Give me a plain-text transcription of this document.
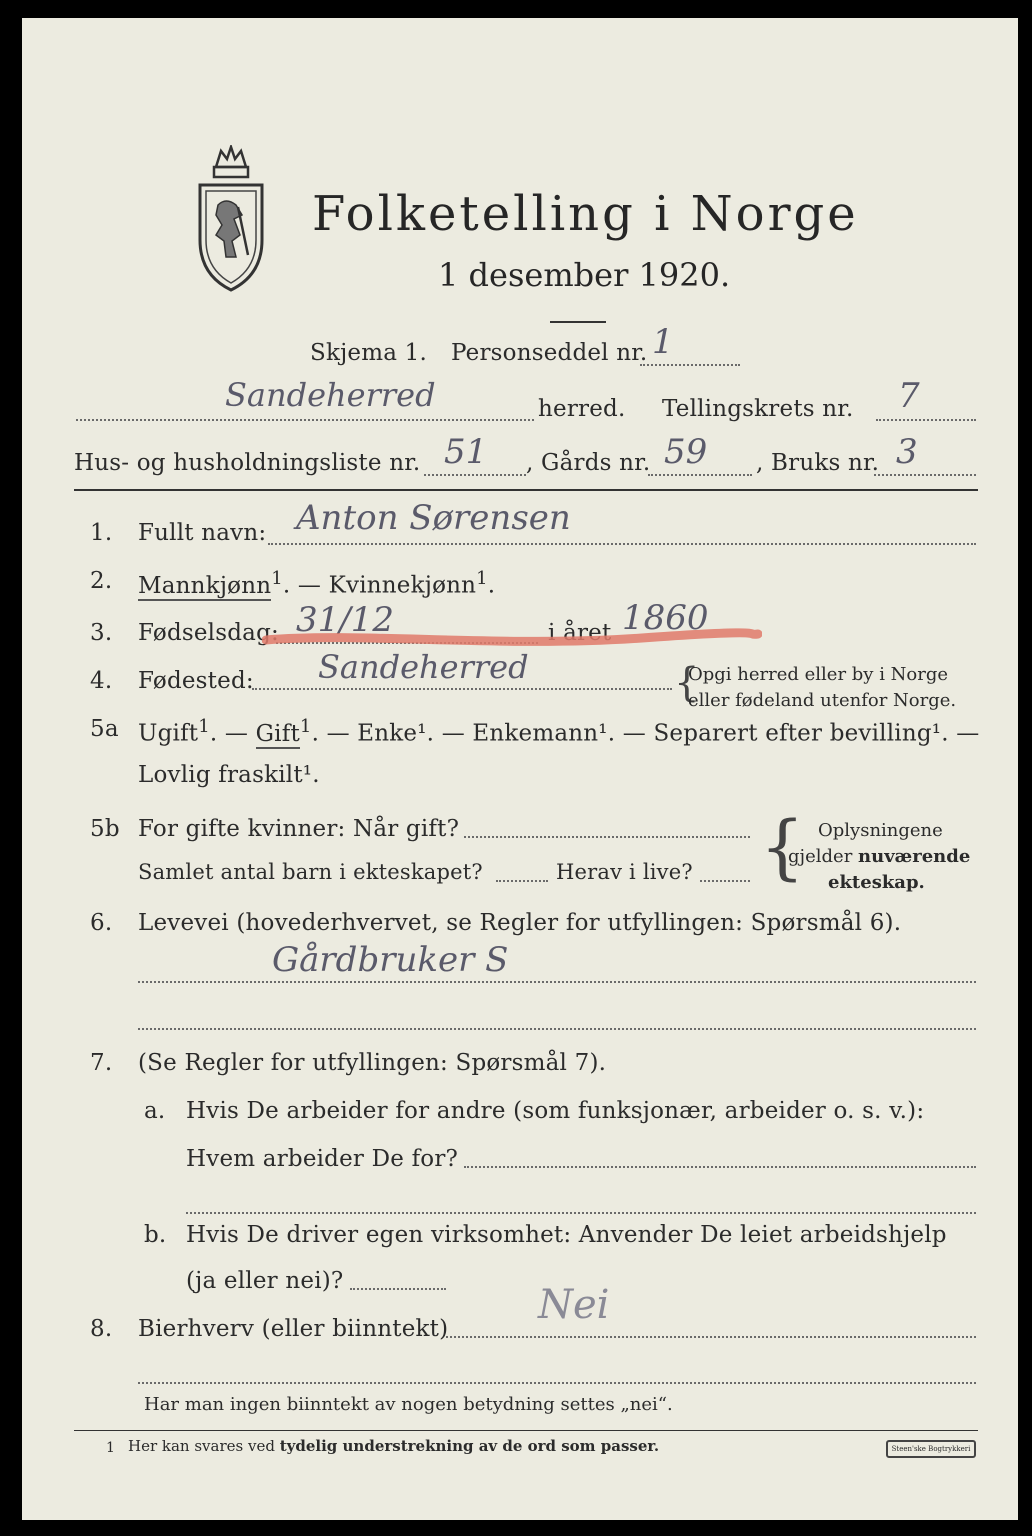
Folketelling i Norge
1 desember 1920.
Skjema 1. Personseddel nr. 1
Sandeherred	herred. Tellingskrets nr. 7
Hus- og husholdningsliste nr. 51 , Gårds nr. 59 , Bruks nr. 3
1. Fullt navn: Anton Sørensen
2. Mannkjønn$^1$. — Kvinnekjønn$^1$.
3. Fødselsdag: 31/12	i året 1860
4. Fødested: Sandeherred	{
Opgi herred eller by i Norge
eller fødeland utenfor Norge.
5a Ugift$^1$. — Gift$^1$. — Enke¹. — Enkemann¹. — Separert efter bevilling¹. —
Lovlig fraskilt¹.
5b For gifte kvinner: Når gift?
Samlet antal barn i ekteskapet?	Herav i live? { Oplysningene
gjelder nuværende
ekteskap.
6. Levevei (hovederhvervet, se Regler for utfyllingen: Spørsmål 6).
Gårdbruker S
7. (Se Regler for utfyllingen: Spørsmål 7).
a. Hvis De arbeider for andre (som funksjonær, arbeider o. s. v.):
Hvem arbeider De for?
b. Hvis De driver egen virksomhet: Anvender De leiet arbeidshjelp
(ja eller nei)?
Nei
8. Bierhverv (eller biinntekt)
Har man ingen biinntekt av nogen betydning settes „nei“.
1 Her kan svares ved tydelig understrekning av de ord som passer.	Steen'ske Bogtrykkeri
